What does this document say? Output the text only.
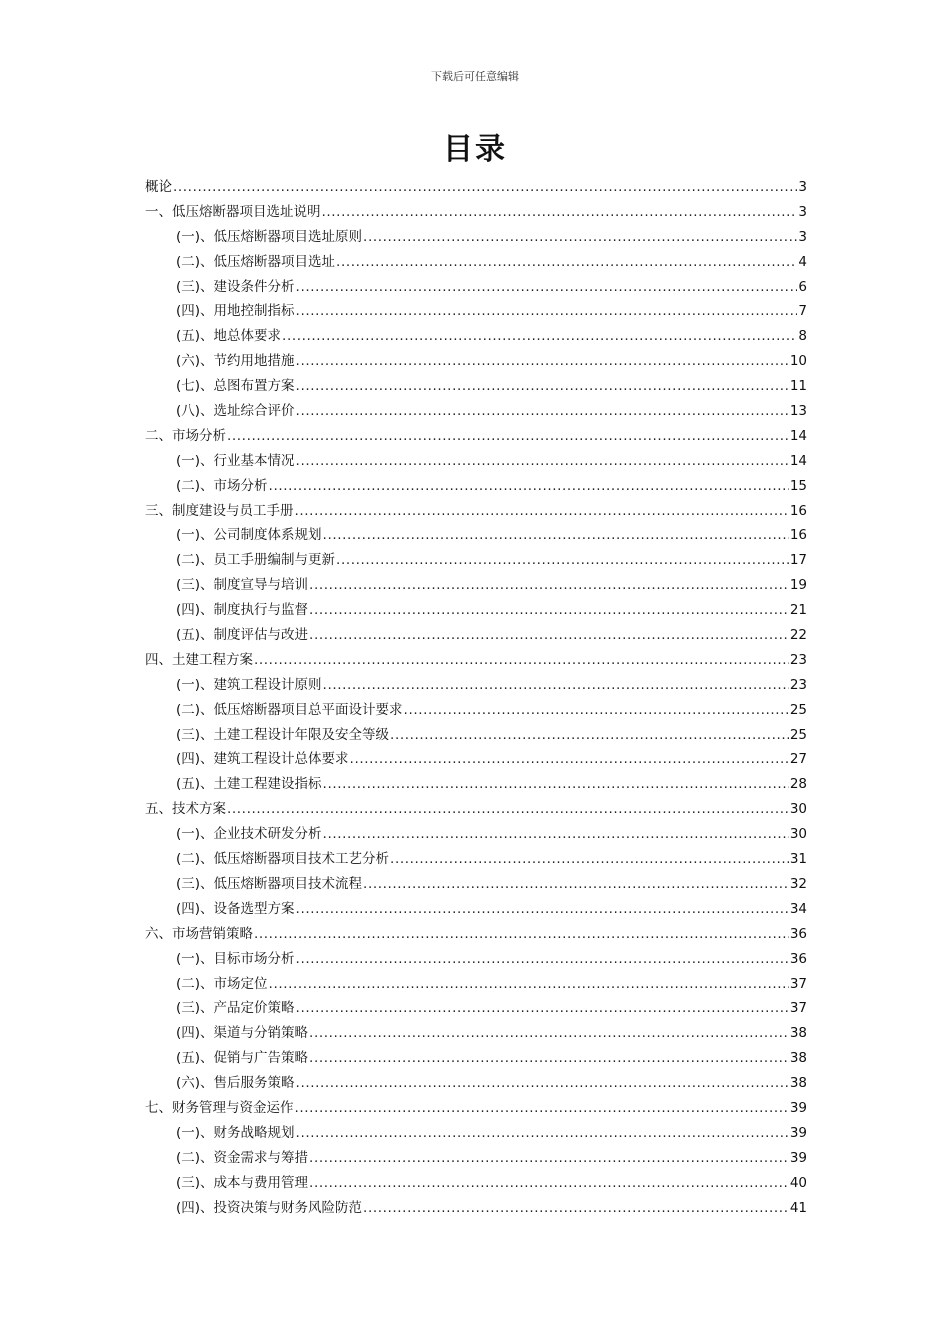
下载后可任意编辑
目录
概论 .....	3
一、低压熔断器项目选址说明 .....	3
(一)、低压熔断器项目选址原则 .....	3
(二)、低压熔断器项目选址 .....	4
(三)、建设条件分析 .....	6
(四)、用地控制指标 .....	7
(五)、地总体要求 .....	8
(六)、节约用地措施 .....	10
(七)、总图布置方案 .....	11
(八)、选址综合评价 .....	13
二、市场分析 .....	14
(一)、行业基本情况 .....	14
(二)、市场分析 .....	15
三、制度建设与员工手册 .....	16
(一)、公司制度体系规划 .....	16
(二)、员工手册编制与更新 .....	17
(三)、制度宣导与培训 .....	19
(四)、制度执行与监督 .....	21
(五)、制度评估与改进 .....	22
四、土建工程方案 .....	23
(一)、建筑工程设计原则 .....	23
(二)、低压熔断器项目总平面设计要求 .....	25
(三)、土建工程设计年限及安全等级 .....	25
(四)、建筑工程设计总体要求 .....	27
(五)、土建工程建设指标 .....	28
五、技术方案 .....	30
(一)、企业技术研发分析 .....	30
(二)、低压熔断器项目技术工艺分析 .....	31
(三)、低压熔断器项目技术流程 .....	32
(四)、设备选型方案 .....	34
六、市场营销策略 .....	36
(一)、目标市场分析 .....	36
(二)、市场定位 .....	37
(三)、产品定价策略 .....	37
(四)、渠道与分销策略 .....	38
(五)、促销与广告策略 .....	38
(六)、售后服务策略 .....	38
七、财务管理与资金运作 .....	39
(一)、财务战略规划 .....	39
(二)、资金需求与筹措 .....	39
(三)、成本与费用管理 .....	40
(四)、投资决策与财务风险防范 .....	41
